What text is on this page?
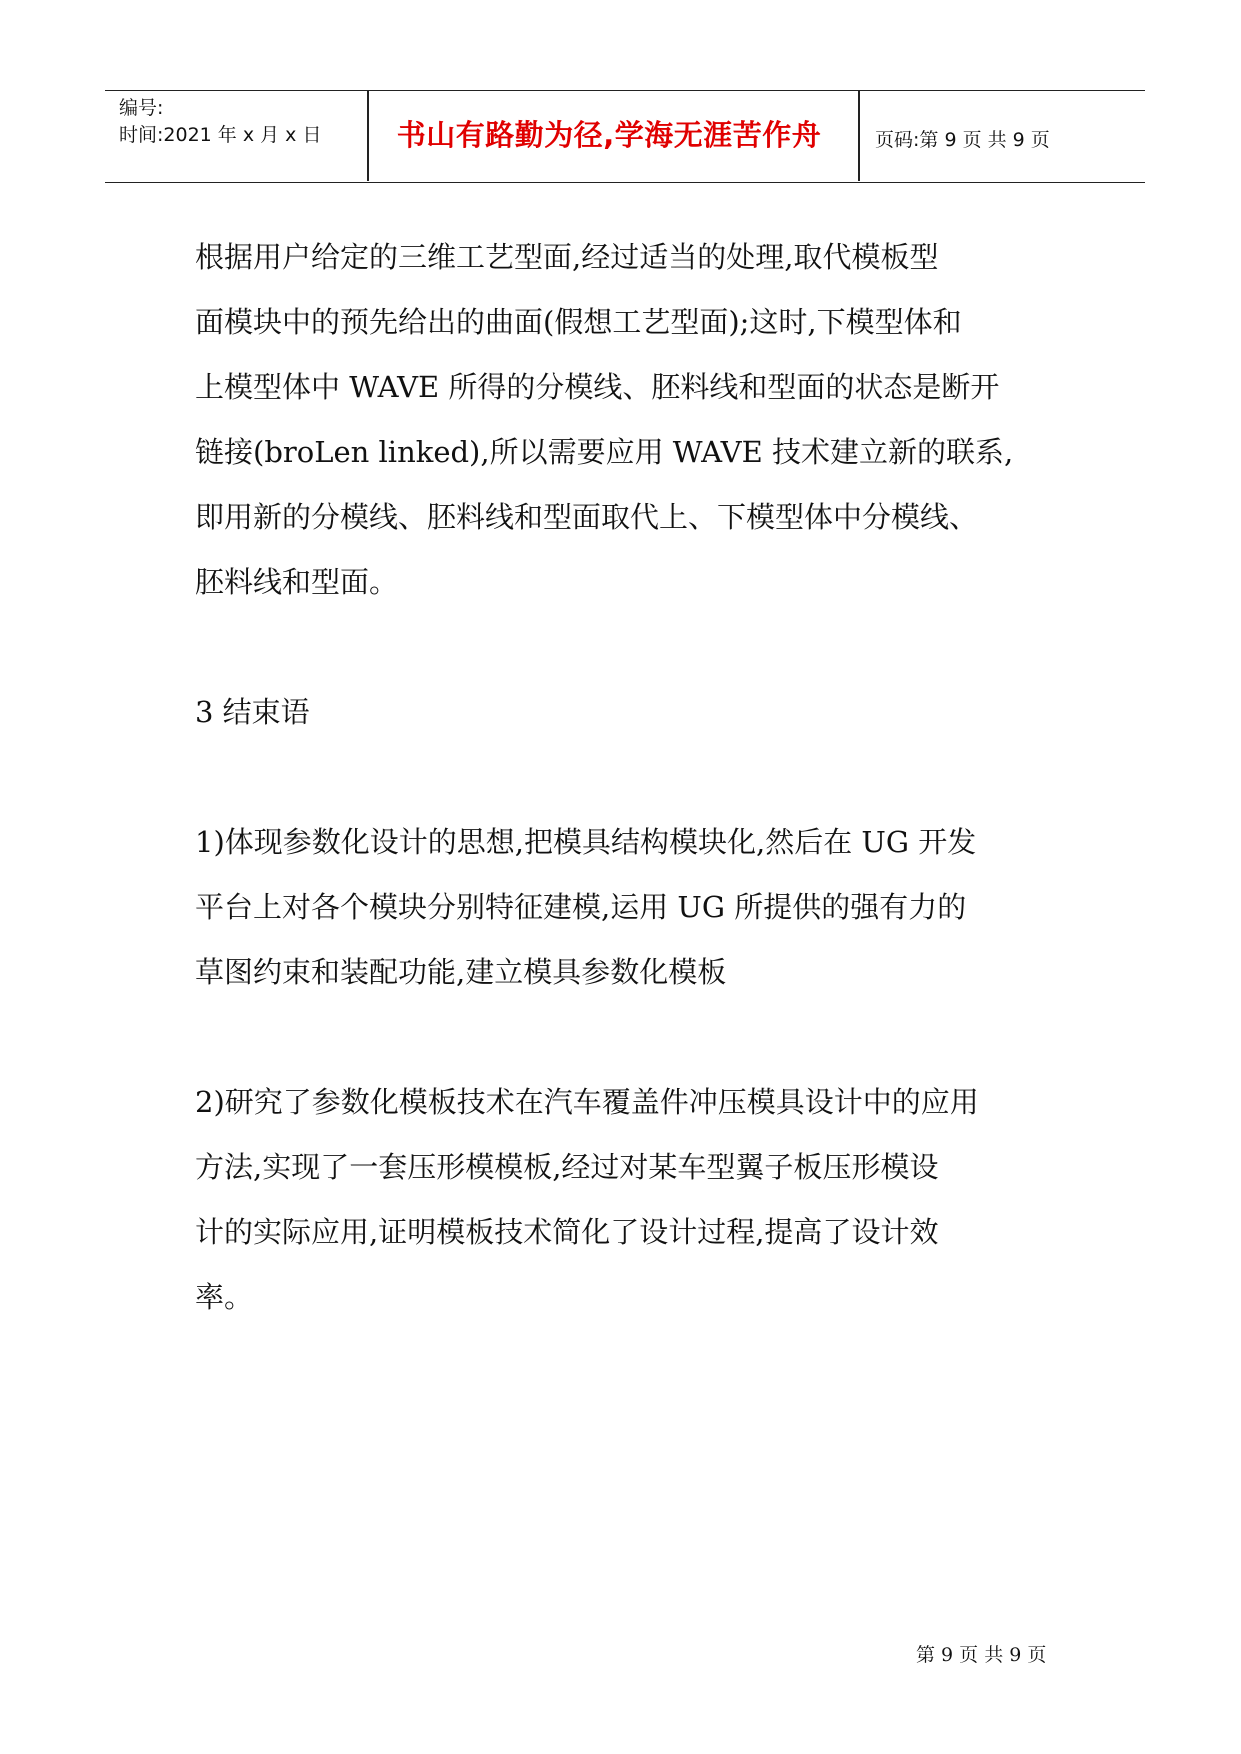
编号:
时间:2021 年 x 月 x 日	书山有路勤为径,学海无涯苦作舟	页码:第 9 页 共 9 页

根据用户给定的三维工艺型面,经过适当的处理,取代模板型
面模块中的预先给出的曲面(假想工艺型面);这时,下模型体和
上模型体中 WAVE 所得的分模线、胚料线和型面的状态是断开
链接(broLen linked),所以需要应用 WAVE 技术建立新的联系,
即用新的分模线、胚料线和型面取代上、下模型体中分模线、
胚料线和型面。

3 结束语

1)体现参数化设计的思想,把模具结构模块化,然后在 UG 开发
平台上对各个模块分别特征建模,运用 UG 所提供的强有力的
草图约束和装配功能,建立模具参数化模板

2)研究了参数化模板技术在汽车覆盖件冲压模具设计中的应用
方法,实现了一套压形模模板,经过对某车型翼子板压形模设
计的实际应用,证明模板技术简化了设计过程,提高了设计效
率。

第 9 页 共 9 页
